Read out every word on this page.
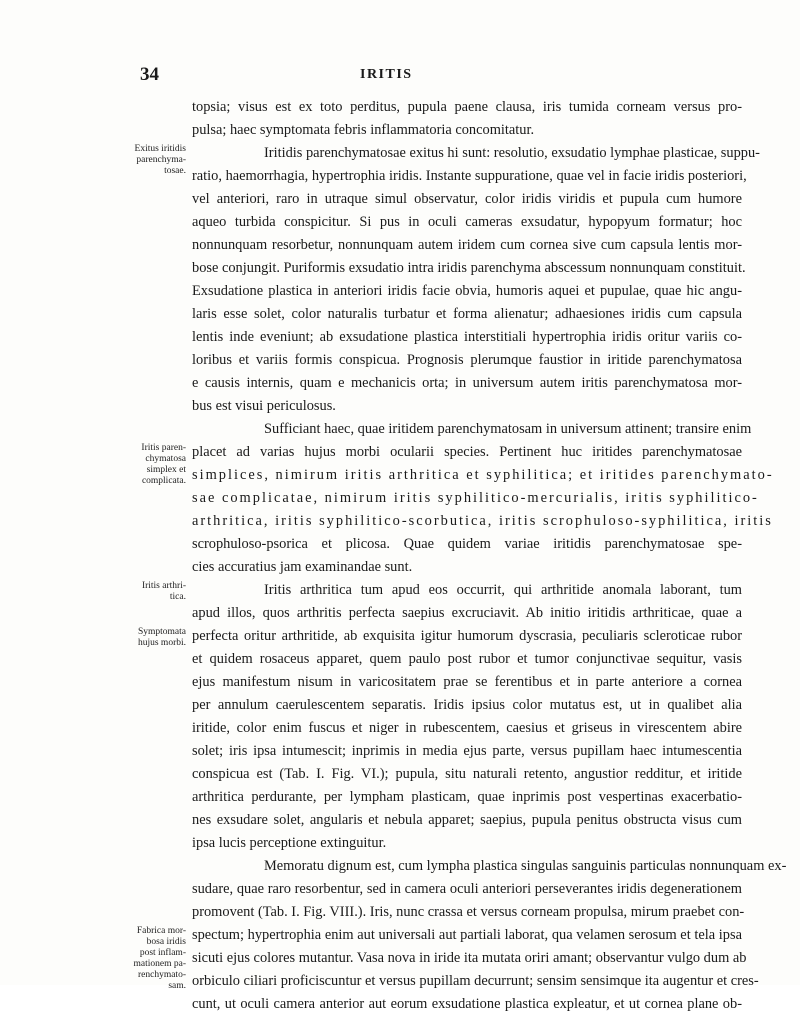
34	IRITIS
Exitus iritidis
parenchyma-
tosae.
Iritis paren-
chymatosa
simplex et
complicata.
Iritis arthri-
tica.
Symptomata
hujus morbi.
Fabrica mor-
bosa iridis
post inflam-
mationem pa-
renchymato-
sam.
topsia; visus est ex toto perditus, pupula paene clausa, iris tumida corneam versus pro-
pulsa; haec symptomata febris inflammatoria concomitatur.
Iritidis parenchymatosae exitus hi sunt: resolutio, exsudatio lymphae plasticae, suppu-
ratio, haemorrhagia, hypertrophia iridis. Instante suppuratione, quae vel in facie iridis posteriori,
vel anteriori, raro in utraque simul observatur, color iridis viridis et pupula cum humore
aqueo turbida conspicitur. Si pus in oculi cameras exsudatur, hypopyum formatur; hoc
nonnunquam resorbetur, nonnunquam autem iridem cum cornea sive cum capsula lentis mor-
bose conjungit. Puriformis exsudatio intra iridis parenchyma abscessum nonnunquam constituit.
Exsudatione plastica in anteriori iridis facie obvia, humoris aquei et pupulae, quae hic angu-
laris esse solet, color naturalis turbatur et forma alienatur; adhaesiones iridis cum capsula
lentis inde eveniunt; ab exsudatione plastica interstitiali hypertrophia iridis oritur variis co-
loribus et variis formis conspicua. Prognosis plerumque faustior in iritide parenchymatosa
e causis internis, quam e mechanicis orta; in universum autem iritis parenchymatosa mor-
bus est visui periculosus.
Sufficiant haec, quae iritidem parenchymatosam in universum attinent; transire enim
placet ad varias hujus morbi ocularii species. Pertinent huc iritides parenchymatosae
simplices, nimirum iritis arthritica et syphilitica; et iritides parenchymato-
sae complicatae, nimirum iritis syphilitico-mercurialis, iritis syphilitico-
arthritica, iritis syphilitico-scorbutica, iritis scrophuloso-syphilitica, iritis
scrophuloso-psorica et plicosa. Quae quidem variae iritidis parenchymatosae spe-
cies accuratius jam examinandae sunt.
Iritis arthritica tum apud eos occurrit, qui arthritide anomala laborant, tum
apud illos, quos arthritis perfecta saepius excruciavit. Ab initio iritidis arthriticae, quae a
perfecta oritur arthritide, ab exquisita igitur humorum dyscrasia, peculiaris scleroticae rubor
et quidem rosaceus apparet, quem paulo post rubor et tumor conjunctivae sequitur, vasis
ejus manifestum nisum in varicositatem prae se ferentibus et in parte anteriore a cornea
per annulum caerulescentem separatis. Iridis ipsius color mutatus est, ut in qualibet alia
iritide, color enim fuscus et niger in rubescentem, caesius et griseus in virescentem abire
solet; iris ipsa intumescit; inprimis in media ejus parte, versus pupillam haec intumescentia
conspicua est (Tab. I. Fig. VI.); pupula, situ naturali retento, angustior redditur, et iritide
arthritica perdurante, per lympham plasticam, quae inprimis post vespertinas exacerbatio-
nes exsudare solet, angularis et nebula apparet; saepius, pupula penitus obstructa visus cum
ipsa lucis perceptione extinguitur.
Memoratu dignum est, cum lympha plastica singulas sanguinis particulas nonnunquam ex-
sudare, quae raro resorbentur, sed in camera oculi anteriori perseverantes iridis degenerationem
promovent (Tab. I. Fig. VIII.). Iris, nunc crassa et versus corneam propulsa, mirum praebet con-
spectum; hypertrophia enim aut universali aut partiali laborat, qua velamen serosum et tela ipsa
sicuti ejus colores mutantur. Vasa nova in iride ita mutata oriri amant; observantur vulgo dum ab
orbiculo ciliari proficiscuntur et versus pupillam decurrunt; sensim sensimque ita augentur et cres-
cunt, ut oculi camera anterior aut eorum exsudatione plastica expleatur, et ut cornea plane ob-
